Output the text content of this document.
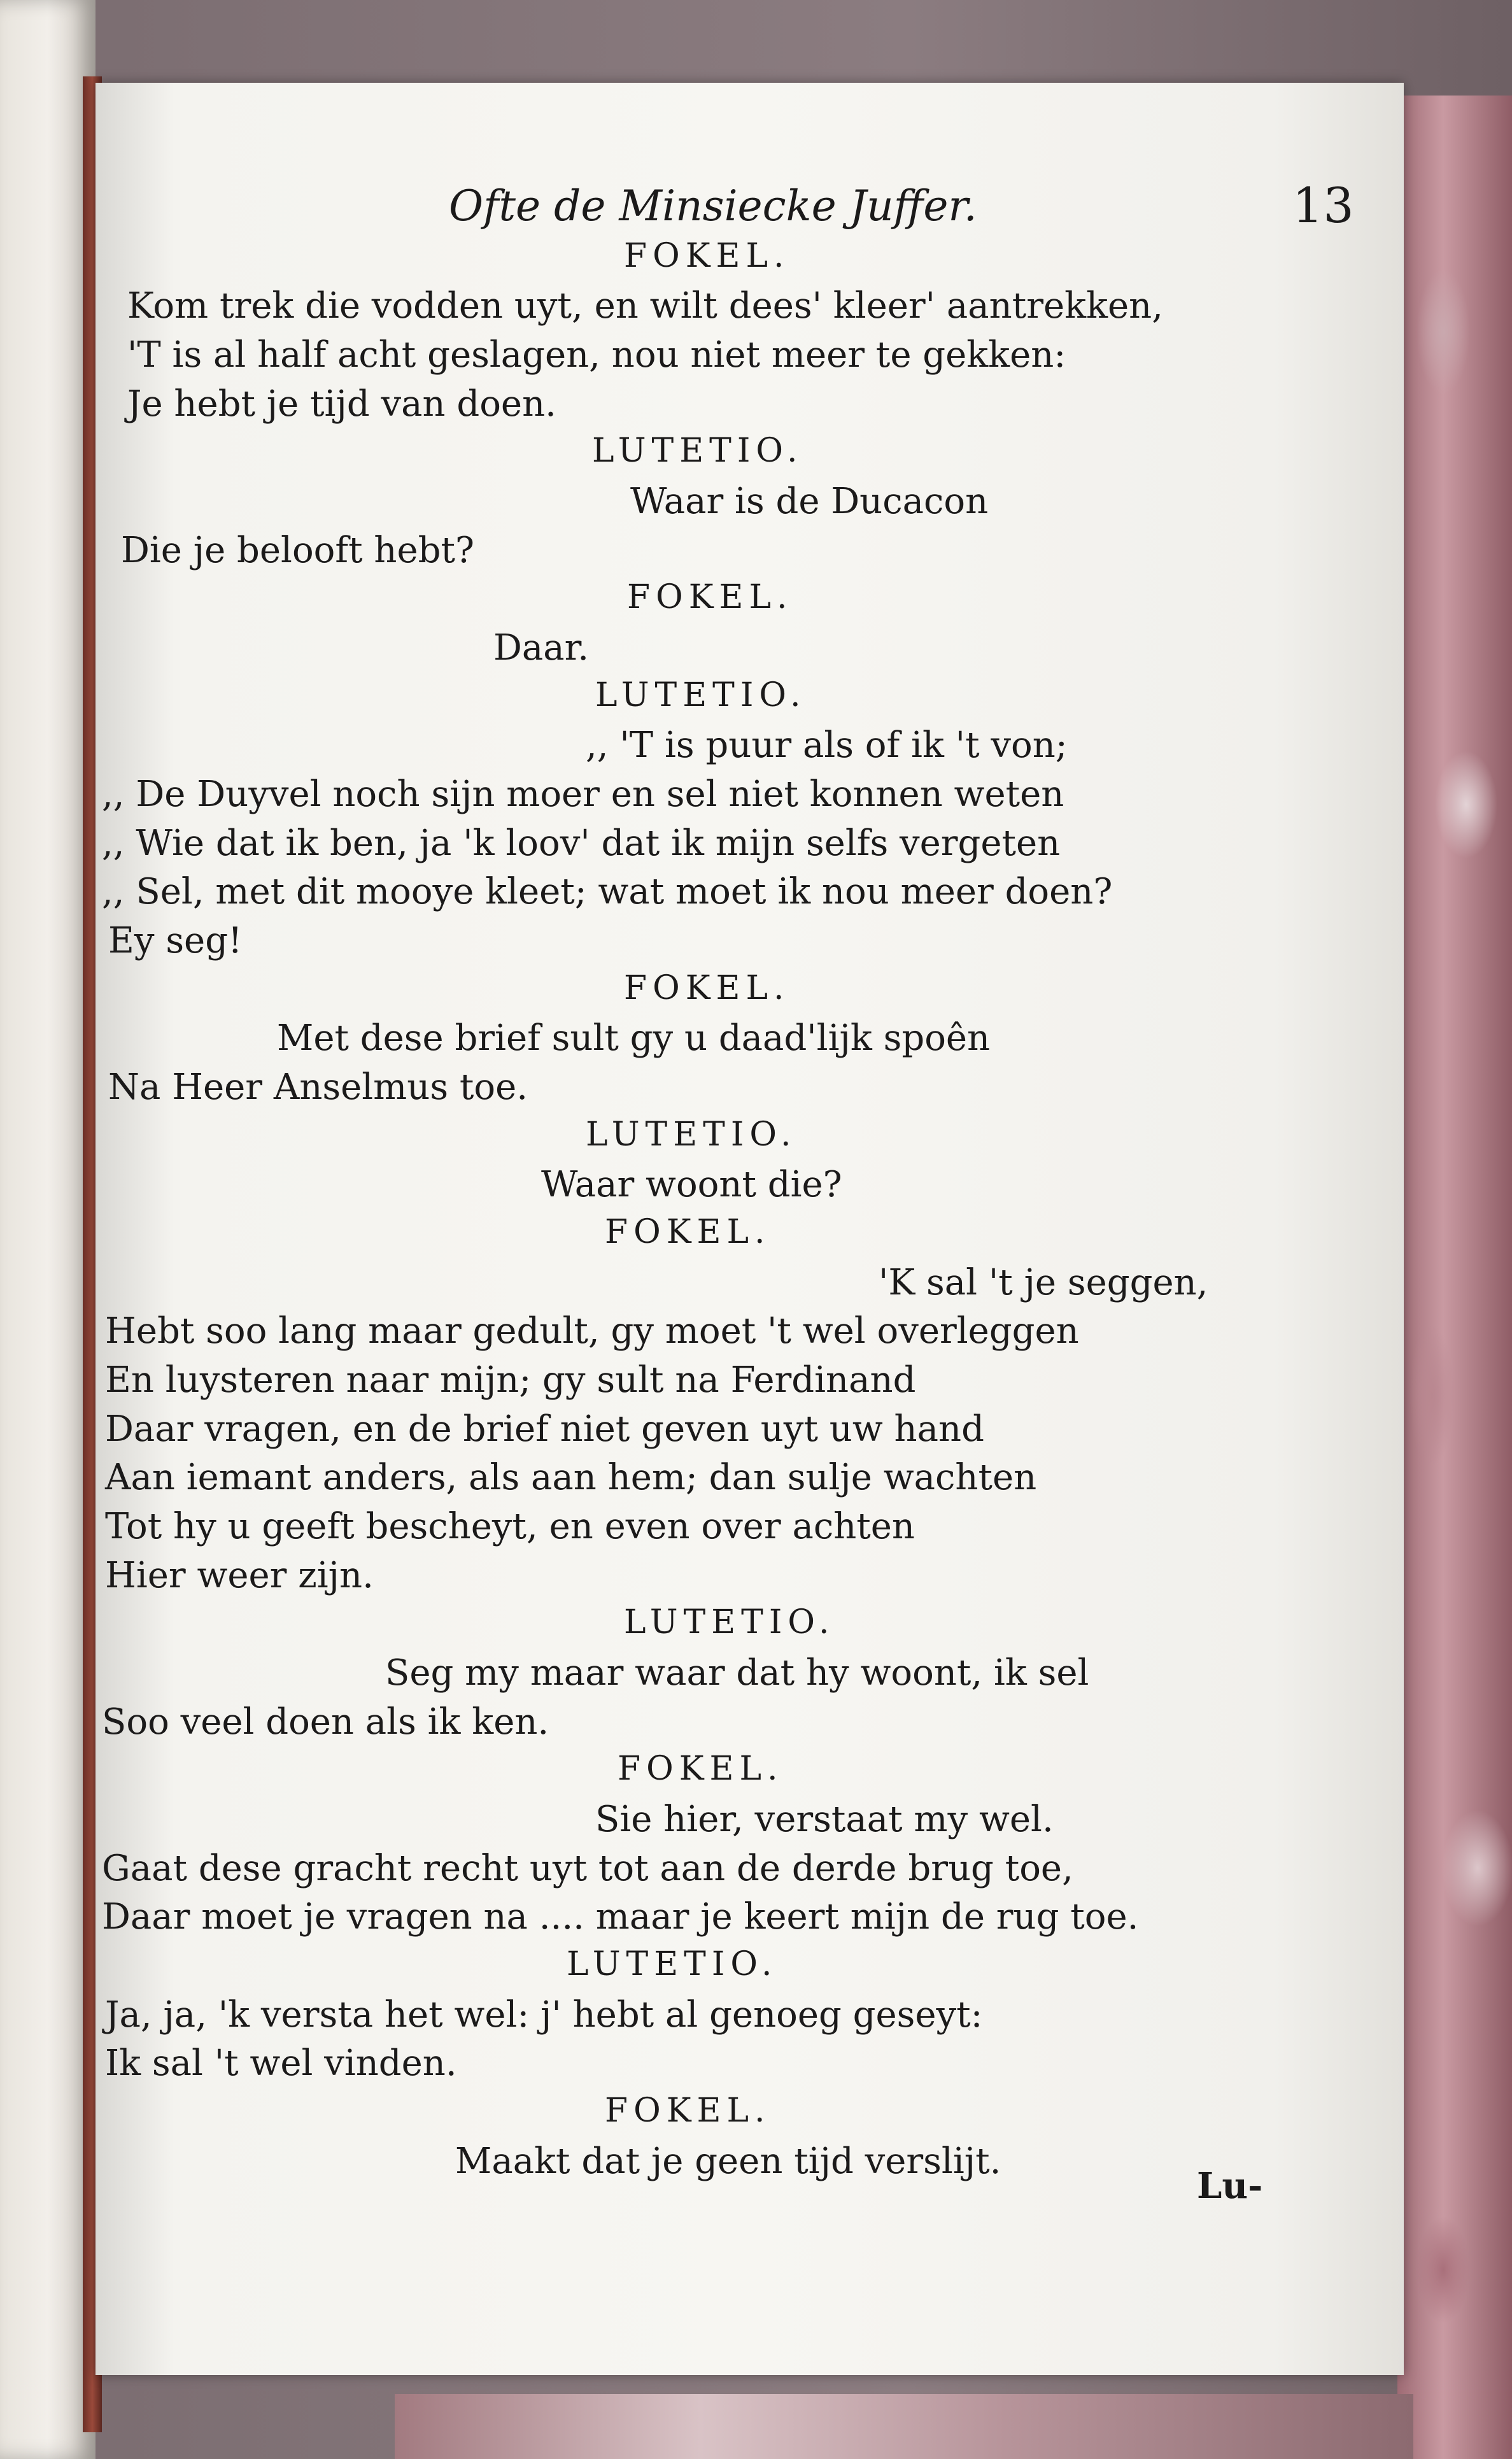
Ofte de Minsiecke Juffer.	13
FOKEL.
Kom trek die vodden uyt, en wilt dees' kleer' aantrekken,
'T is al half acht geslagen, nou niet meer te gekken:
Je hebt je tijd van doen.
LUTETIO.
Waar is de Ducacon
Die je belooft hebt?
FOKEL.
Daar.
LUTETIO.
,, 'T is puur als of ik 't von;
,, De Duyvel noch sijn moer en sel niet konnen weten
,, Wie dat ik ben, ja 'k loov' dat ik mijn selfs vergeten
,, Sel, met dit mooye kleet; wat moet ik nou meer doen?
Ey seg!
FOKEL.
Met dese brief sult gy u daad'lijk spoên
Na Heer Anselmus toe.
LUTETIO.
Waar woont die?
FOKEL.
'K sal 't je seggen,
Hebt soo lang maar gedult, gy moet 't wel overleggen
En luysteren naar mijn; gy sult na Ferdinand
Daar vragen, en de brief niet geven uyt uw hand
Aan iemant anders, als aan hem; dan sulje wachten
Tot hy u geeft bescheyt, en even over achten
Hier weer zijn.
LUTETIO.
Seg my maar waar dat hy woont, ik sel
Soo veel doen als ik ken.
FOKEL.
Sie hier, verstaat my wel.
Gaat dese gracht recht uyt tot aan de derde brug toe,
Daar moet je vragen na .... maar je keert mijn de rug toe.
LUTETIO.
Ja, ja, 'k versta het wel: j' hebt al genoeg geseyt:
Ik sal 't wel vinden.
FOKEL.
Maakt dat je geen tijd verslijt.
Lu-
